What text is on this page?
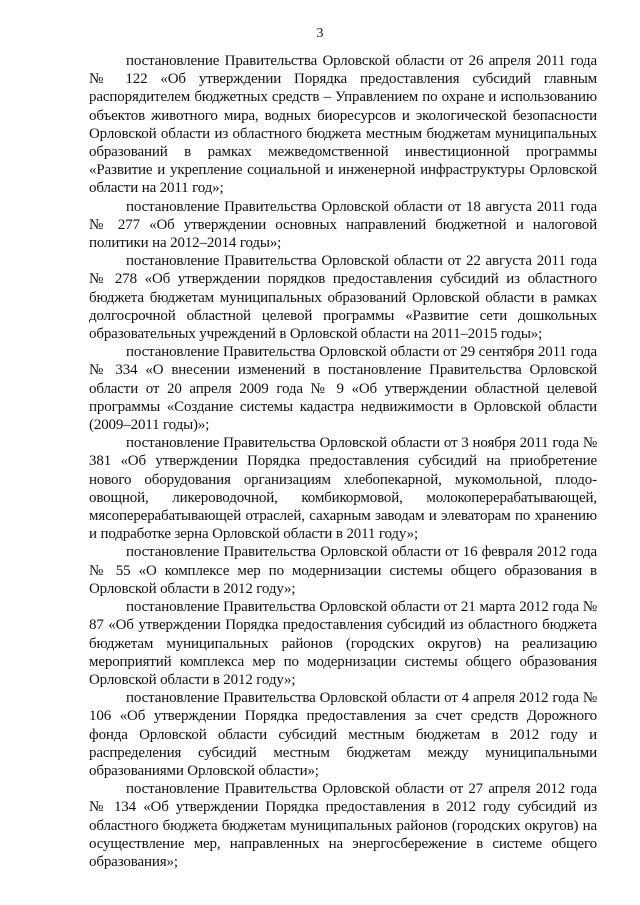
3

постановление Правительства Орловской области от 26 апреля 2011 года № 122 «Об утверждении Порядка предоставления субсидий главным распорядителем бюджетных средств – Управлением по охране и использованию объектов животного мира, водных биоресурсов и экологической безопасности Орловской области из областного бюджета местным бюджетам муниципальных образований в рамках межведомственной инвестиционной программы «Развитие и укрепление социальной и инженерной инфраструктуры Орловской области на 2011 год»;

постановление Правительства Орловской области от 18 августа 2011 года № 277 «Об утверждении основных направлений бюджетной и налоговой политики на 2012–2014 годы»;

постановление Правительства Орловской области от 22 августа 2011 года № 278 «Об утверждении порядков предоставления субсидий из областного бюджета бюджетам муниципальных образований Орловской области в рамках долгосрочной областной целевой программы «Развитие сети дошкольных образовательных учреждений в Орловской области на 2011–2015 годы»;

постановление Правительства Орловской области от 29 сентября 2011 года № 334 «О внесении изменений в постановление Правительства Орловской области от 20 апреля 2009 года № 9 «Об утверждении областной целевой программы «Создание системы кадастра недвижимости в Орловской области (2009–2011 годы)»;

постановление Правительства Орловской области от 3 ноября 2011 года № 381 «Об утверждении Порядка предоставления субсидий на приобретение нового оборудования организациям хлебопекарной, мукомольной, плодо-овощной, ликероводочной, комбикормовой, молокоперерабатывающей, мясоперерабатывающей отраслей, сахарным заводам и элеваторам по хранению и подработке зерна Орловской области в 2011 году»;

постановление Правительства Орловской области от 16 февраля 2012 года № 55 «О комплексе мер по модернизации системы общего образования в Орловской области в 2012 году»;

постановление Правительства Орловской области от 21 марта 2012 года № 87 «Об утверждении Порядка предоставления субсидий из областного бюджета бюджетам муниципальных районов (городских округов) на реализацию мероприятий комплекса мер по модернизации системы общего образования Орловской области в 2012 году»;

постановление Правительства Орловской области от 4 апреля 2012 года № 106 «Об утверждении Порядка предоставления за счет средств Дорожного фонда Орловской области субсидий местным бюджетам в 2012 году и распределения субсидий местным бюджетам между муниципальными образованиями Орловской области»;

постановление Правительства Орловской области от 27 апреля 2012 года № 134 «Об утверждении Порядка предоставления в 2012 году субсидий из областного бюджета бюджетам муниципальных районов (городских округов) на осуществление мер, направленных на энергосбережение в системе общего образования»;
